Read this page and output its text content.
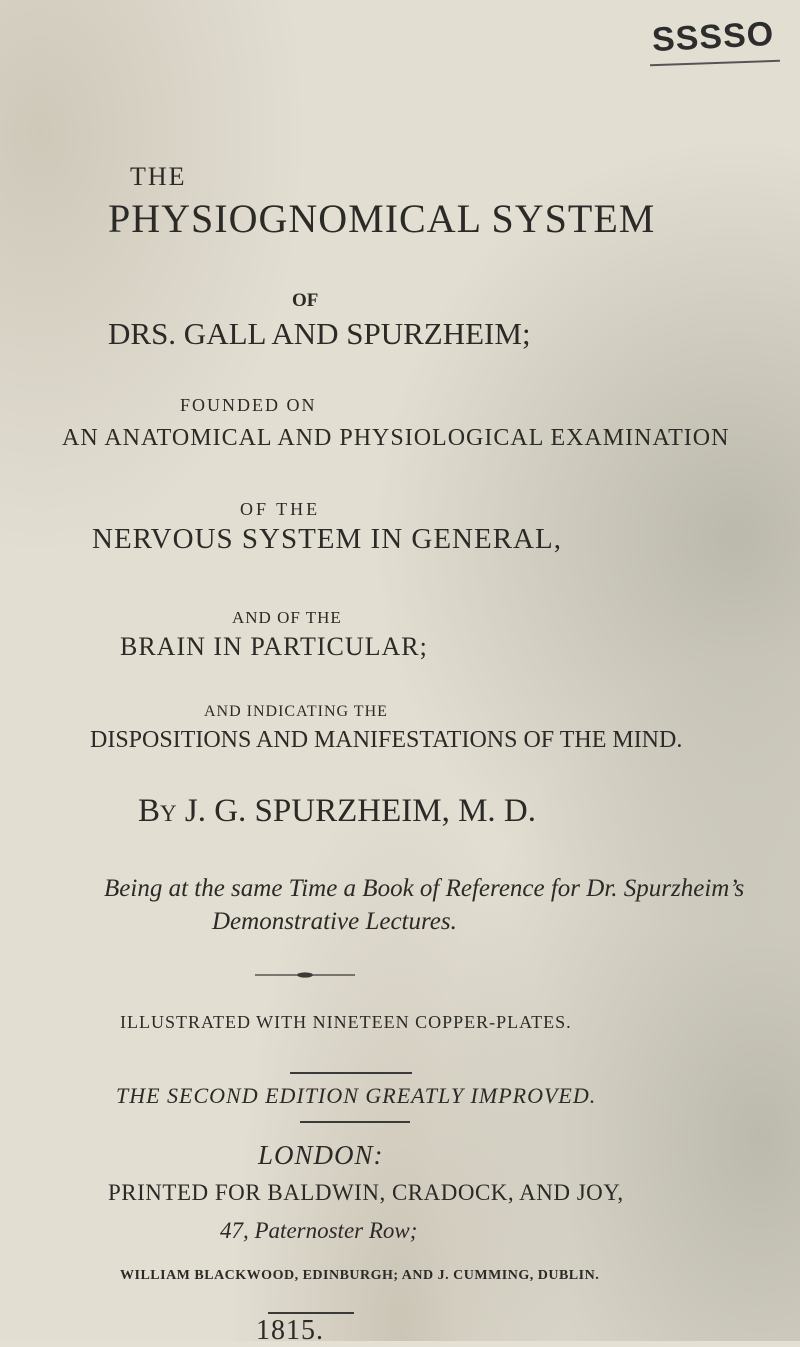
SSSSO
THE
PHYSIOGNOMICAL SYSTEM
OF
DRS. GALL AND SPURZHEIM;
FOUNDED ON
AN ANATOMICAL AND PHYSIOLOGICAL EXAMINATION
OF THE
NERVOUS SYSTEM IN GENERAL,
AND OF THE
BRAIN IN PARTICULAR;
AND INDICATING THE
DISPOSITIONS AND MANIFESTATIONS OF THE MIND.
By J. G. SPURZHEIM, M. D.
Being at the same Time a Book of Reference for Dr. Spurzheim’s
Demonstrative Lectures.
ILLUSTRATED WITH NINETEEN COPPER-PLATES.
THE SECOND EDITION GREATLY IMPROVED.
LONDON:
PRINTED FOR BALDWIN, CRADOCK, AND JOY,
47, Paternoster Row;
WILLIAM BLACKWOOD, EDINBURGH; AND J. CUMMING, DUBLIN.
1815.
